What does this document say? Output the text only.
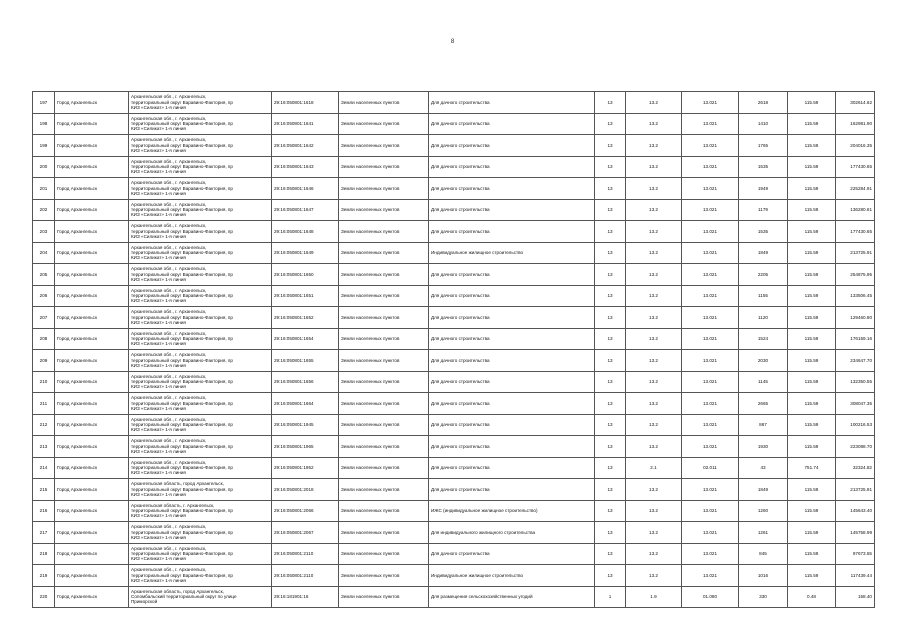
8
197	Город Архангельск	Архангельская обл., г. Архангельск,
территориальный округ Варавино-Фактория, пр
КИЗ «Силикат» 1-я линия	29:16:050801:1618	Земли населенных пунктов	Для дачного строительства	13	13.2	13.021	2618	115.59	302614.62
198	Город Архангельск	Архангельская обл., г. Архангельск,
территориальный округ Варавино-Фактория, пр
КИЗ «Силикат» 1-я линия	29:16:050801:1641	Земли населенных пунктов	Для дачного строительства	13	13.2	13.021	1410	115.59	162981.90
199	Город Архангельск	Архангельская обл., г. Архангельск,
территориальный округ Варавино-Фактория, пр
КИЗ «Силикат» 1-я линия	29:16:050801:1642	Земли населенных пунктов	Для дачного строительства	13	13.2	13.021	1765	115.59	204016.35
200	Город Архангельск	Архангельская обл., г. Архангельск,
территориальный округ Варавино-Фактория, пр
КИЗ «Силикат» 1-я линия	29:16:050801:1643	Земли населенных пунктов	Для дачного строительства	13	13.2	13.021	1535	115.59	177430.65
201	Город Архангельск	Архангельская обл., г. Архангельск,
территориальный округ Варавино-Фактория, пр
КИЗ «Силикат» 1-я линия	29:16:050801:1646	Земли населенных пунктов	Для дачного строительства	13	13.2	13.021	1949	115.59	225284.91
202	Город Архангельск	Архангельская обл., г. Архангельск,
территориальный округ Варавино-Фактория, пр
КИЗ «Силикат» 1-я линия	29:16:050801:1647	Земли населенных пунктов	Для дачного строительства	13	13.2	13.021	1179	115.59	136280.61
203	Город Архангельск	Архангельская обл., г. Архангельск,
территориальный округ Варавино-Фактория, пр
КИЗ «Силикат» 1-я линия	29:16:050801:1648	Земли населенных пунктов	Для дачного строительства	13	13.2	13.021	1535	115.59	177430.65
204	Город Архангельск	Архангельская обл., г. Архангельск,
территориальный округ Варавино-Фактория, пр
КИЗ «Силикат» 1-я линия	29:16:050801:1649	Земли населенных пунктов	Индивидуальное жилищное строительство	13	13.2	13.021	1849	115.59	213725.91
205	Город Архангельск	Архангельская обл., г. Архангельск,
территориальный округ Варавино-Фактория, пр
КИЗ «Силикат» 1-я линия	29:16:050801:1650	Земли населенных пунктов	Для дачного строительства	13	13.2	13.021	2205	115.59	254875.95
206	Город Архангельск	Архангельская обл., г. Архангельск,
территориальный округ Варавино-Фактория, пр
КИЗ «Силикат» 1-я линия	29:16:050801:1651	Земли населенных пунктов	Для дачного строительства	13	13.2	13.021	1155	115.59	133506.45
207	Город Архангельск	Архангельская обл., г. Архангельск,
территориальный округ Варавино-Фактория, пр
КИЗ «Силикат» 1-я линия	29:16:050801:1652	Земли населенных пунктов	Для дачного строительства	13	13.2	13.021	1120	115.59	129460.80
208	Город Архангельск	Архангельская обл., г. Архангельск,
территориальный округ Варавино-Фактория, пр
КИЗ «Силикат» 1-я линия	29:16:050801:1654	Земли населенных пунктов	Для дачного строительства	13	13.2	13.021	1524	115.59	176159.16
209	Город Архангельск	Архангельская обл., г. Архангельск,
территориальный округ Варавино-Фактория, пр
КИЗ «Силикат» 1-я линия	29:16:050801:1655	Земли населенных пунктов	Для дачного строительства	13	13.2	13.021	2030	115.59	234647.70
210	Город Архангельск	Архангельская обл., г. Архангельск,
территориальный округ Варавино-Фактория, пр
КИЗ «Силикат» 1-я линия	29:16:050801:1656	Земли населенных пунктов	Для дачного строительства	13	13.2	13.021	1145	115.59	132350.55
211	Город Архангельск	Архангельская обл., г. Архангельск,
территориальный округ Варавино-Фактория, пр
КИЗ «Силикат» 1-я линия	29:16:050801:1664	Земли населенных пунктов	Для дачного строительства	13	13.2	13.021	2665	115.59	308047.35
212	Город Архангельск	Архангельская обл., г. Архангельск,
территориальный округ Варавино-Фактория, пр
КИЗ «Силикат» 1-я линия	29:16:050801:1945	Земли населенных пунктов	Для дачного строительства	13	13.2	13.021	867	115.59	100216.53
213	Город Архангельск	Архангельская обл., г. Архангельск,
территориальный округ Варавино-Фактория, пр
КИЗ «Силикат» 1-я линия	29:16:050801:1965	Земли населенных пунктов	Для дачного строительства	13	13.2	13.021	1930	115.59	223088.70
214	Город Архангельск	Архангельская обл., г. Архангельск,
территориальный округ Варавино-Фактория, пр
КИЗ «Силикат» 1-я линия	29:16:050801:1952	Земли населенных пунктов	Для дачного строительства	13	2.1	02.011	43	751.74	32324.82
215	Город Архангельск	Архангельская область, город Архангельск,
территориальный округ Варавино-Фактория, пр
КИЗ «Силикат» 1-я линия	29:16:050801:2018	Земли населенных пунктов	Для дачного строительства	13	13.2	13.021	1849	115.59	213725.91
216	Город Архангельск	Архангельская область, г. Архангельск,
территориальный округ Варавино-Фактория, пр
КИЗ «Силикат» 1-я линия	29:16:050801:2066	Земли населенных пунктов	ИЖС (индивидуальное жилищное строительство)	13	13.2	13.021	1260	115.59	145643.40
217	Город Архангельск	Архангельская обл., г. Архангельск,
территориальный округ Варавино-Фактория, пр
КИЗ «Силикат» 1-я линия	29:16:050801:2067	Земли населенных пунктов	Для индивидуального жилищного строительства	13	13.2	13.021	1261	115.59	145758.99
218	Город Архангельск	Архангельская обл., г. Архангельск,
территориальный округ Варавино-Фактория, пр
КИЗ «Силикат» 1-я линия	29:16:050801:2110	Земли населенных пунктов	Для дачного строительства	13	13.2	13.021	845	115.59	97673.55
219	Город Архангельск	Архангельская обл., г. Архангельск,
территориальный округ Варавино-Фактория, пр
КИЗ «Силикат» 1-я линия	29:16:050801:2110	Земли населенных пунктов	Индивидуальное жилищное строительство	13	13.2	13.021	1016	115.59	117439.44
220	Город Архангельск	Архангельская область, город Архангельск,
Соломбальский территориальный округ по улице
Приморской	29:16:181901:16	Земли населенных пунктов	Для размещения сельскохозяйственных угодий	1	1.9	01.080	330	0.48	158.40
